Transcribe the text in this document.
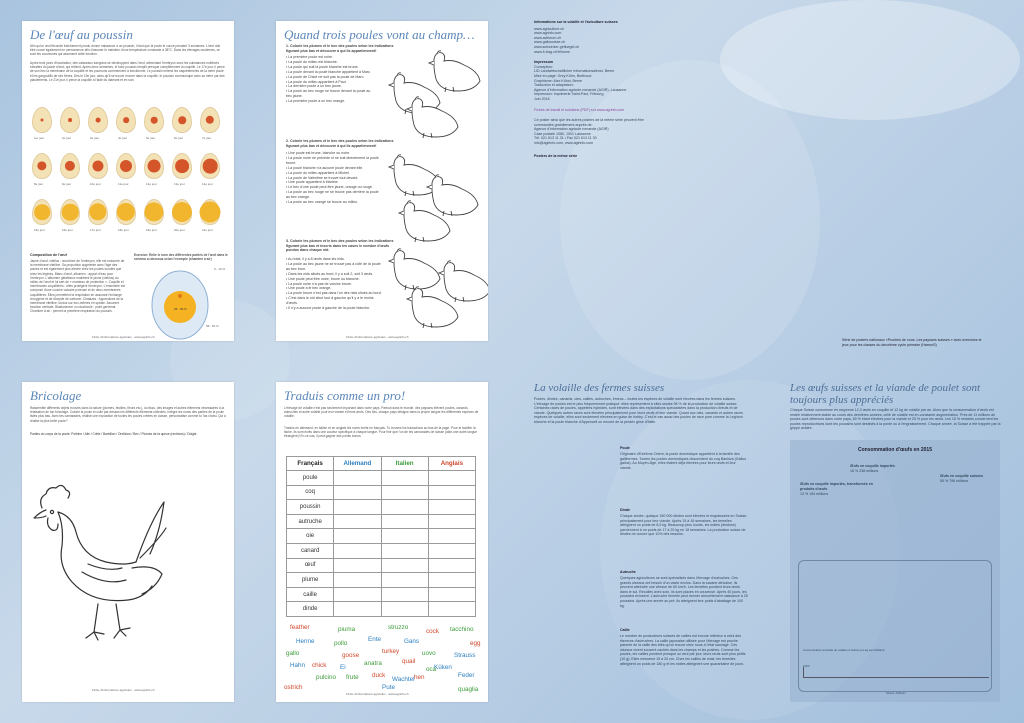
De l'œuf au poussin
Afin qu'un œuf fécondé fraîchement pondu donne naissance à un poussin, il faut que la poule le couve pendant 3 semaines. L'œuf doit être couvé également en permanence afin d'assurer le maintien d'une température constante à 38°C. Dans les élevages modernes, ce sont les couveuses qui assument cette fonction.
Après trois jours d'incubation, des vaisseaux sanguins se développent dans l'œuf, alimentant l'embryon avec les substances nutritives extraites du jaune d'œuf, qui rétrécit. Après deux semaines, le futur poussin remplit presque complètement la coquille. Le 17e jour, il perce de son bec la membrane de la coquille et les poumons commencent à fonctionner. Le poussin entend les caquètements de la mère poule et les gargouillis de ses frères. Dès le 19e jour, alors qu'il se trouve encore dans la coquille, le poussin communique avec sa mère par des piaulements. Le 21e jour, il perce la coquille à l'aide du diamant et en sort.
1er jour	2e jour	3e jour	4e jour	5e jour	6e jour	7e jour
8e jour	9e jour	10e jour	11e jour	12e jour	13e jour	14e jour
15e jour	16e jour	17e jour	18e jour	19e jour	20e jour	21e jour
Composition de l'œuf
Jaune d'œuf, vitellus : nourriture de l'embryon, elle est entourée de la membrane vitelline. Sa proportion augmente avec l'âge des poules et est également plus élevée chez les poules lourdes que chez les légères. Blanc d'œuf, albumen : apport d'eau pour l'embryon. L'albumen gélatineux maintient le jaune (vitellus) au milieu de l'œuf et lui sert de « manteau de protection ». Coquille et membranes coquillières : elles protègent l'embryon. L'ensemble est composé d'une couche calcaire poreuse et de deux membranes coquillières. Elles permettent la respiration en assurant l'échange d'oxygène et de dioxyde de carbone. Chalazes : Appendices de la membrane vitelline, tordus sur eux-mêmes en spirale. Assurent fonction centrale. Blastoderme ou cicatricule : point germinal. Chambre à air : permet la première respiration du poussin.
Exercice: Relie le nom des différentes parties de l'œuf dans le schéma ci-dessous selon l'exemple (chambre à air)
25 - 30 %
58 - 60 %
9 - 10 %
Fiche d'informations agricoles · www.agrinfo.ch
Quand trois poules vont au champ…
1. Colorie les plumes et le bec des poules selon les indications figurant plus bas et découvre à qui ils appartiennent!
• La première poule est noire.
• La poule du milieu est blanche.
• La poule qui suit la poule blanche est brune.
• La poule devant la poule blanche appartient à Marc.
• La poule de Chloé ne suit pas la poule de Marc.
• La poule du milieu appartient à Paul.
• La dernière poule a un bec jaune.
• La poule au bec rouge ne trouve devant la poule au bec jaune.
• La première poule a un bec orange.
2. Colorie les plumes et le bec des poules selon les indications figurant plus bas et découvre à qui ils appartiennent!
• Une poule est brune, blanche ou noire.
• La poule noire ne précède ni ne suit directement la poule brune.
• La poule blanche n'a aucune poule devant elle.
• La poule du milieu appartient à Michel.
• La poule de Valentine se trouve tout devant.
• Une poule appartient à Martine.
• Le bec d'une poule peut être jaune, orange ou rouge.
• La poule au bec rouge ne se trouve pas derrière la poule au bec orange.
• La poule au bec orange se trouve au milieu.
3. Colorie les plumes et le bec des poules selon les indications figurant plus bas et inscris dans les cases le nombre d'œufs pondus dans chaque nid.
• Au total, il y a 8 œufs dans les nids.
• La poule au bec jaune ne se trouve pas à côté de la poule au bec brun.
• Dans les nids situés au bord, il y a soit 2, soit 3 œufs.
• Une poule peut être noire, brune ou blanche.
• La poule noire n'a pas de voisine brune.
• Une poule a le bec orange.
• La poule brune n'est pas dans l'un des nids situés au bord.
• C'est dans le nid situé tout à gauche qu'il y a le moins d'œufs.
• Il n'y a aucune poule à gauche de la poule blanche.
Fiche d'informations agricoles · www.agrinfo.ch
Bricolage
Rassemble différents objets trouvés dans la nature (plumes, feuilles, fleurs etc.), du tissu, des images et autres éléments nécessaires à la réalisation de ton bricolage. Colorie la poule et colle par-dessus les différents éléments collectés. Intègre les noms des parties de la poule listés plus bas. Avec tes camarades, réalise une exposition de toutes les poules créées en classe, personnalise comme tu l'as choisi. Qui a réalisé la plus belle poule?
Parties du corps de la poule: Poitrine / Aile / Crête / Barbillon / Oreillons / Bec / Plumes de la queue (rectrices) / Doigts
Fiche d'informations agricoles · www.agrinfo.ch
Traduis comme un pro!
L'élevage de volaille n'est pas seulement important dans notre pays. Partout dans le monde, des paysans élèvent poules, canards, autruches et autre volaille pour leur viande et leurs œufs. Des fois, chaque pays désigne dans la propre langue les différentes espèces de volaille.
Traduis en allemand, en italien et en anglais les noms écrits en français. Tu trouves les traductions au bas de la page. Pour te faciliter la tâche, ils sont écrits dans une couleur spécifique à chaque langue. Pour finir que l'un de tes camarades de classe (aide-une autre langue étrangère)! En ce cas, il peut gagner des points bonus.
Français	Allemand	Italien	Anglais
poule			
coq			
poussin			
autruche			
oie			
canard			
œuf			
plume			
caille			
dinde			
feather	piuma	struzzo
cock tacchino
Henne	pollo
Ente	Gans	egg
gallo	goose
turkey	uovo	Strauss
Hahn chick Ei
anatra	quail
Küken
oca
pulcino frute duck
Wachtel hen	Feder
ostrich	Pute	quaglia
Fiche d'informations agricoles · www.agrinfo.ch
Informations sur la volaille et l'aviculture suisses
www.agriculture.ch
www.agrinfo.com
www.aviforum.ch
www.gallosuisse.ch
www.schweizer-gefluegel.ch
www.fr-bag.ch/fr/home
Impressum
Conception:
LID Landwirtschaftlicher Informationsdienst, Berne
Mise en page: Grey Kühn, Berthoud
Graphisme: Alex Kühni, Berne
Traduction et adaptation:
Agence d'information agricole romande (AGIR), Lausanne
Impression: Imprimerie Saint-Paul, Fribourg
Juin 2016
Fiches de travail et solutions (PDF) sur www.agrinfo.com
Ce poster ainsi que les autres posters de la même série peuvent être commandés gratuitement auprès de:
Agence d'information agricole romande (AGIR)
Case postale 1080, 1001 Lausanne
Tél. 021 613 11 31 • Fax 021 613 11 30
info@agirinfo.com, www.agirinfo.com
Posters de la même série
Série de posters nationaux «Proches de vous. Les paysans suisses.» avec exercices et jeux pour les classes du deuxième cycle primaire (HarmoS)
La volaille des fermes suisses
Poules, dindes, canards, oies, cailles, autruches, émeus – toutes les espèces de volaille sont élevées dans les fermes suisses. L'élevage de poules est le plus fréquemment pratiqué: elles représentent à elles seules 98 % de la production de volaille suisse. Certaines races de poules, appelées hybrides, sont élevées dans des exploitations spécialisées dans la production d'œufs et de viande. Quelques autres races sont élevées principalement pour leurs œufs et leur viande. Quant aux oies, canards et autres races espèces de volaille, elles sont seulement élevées en guise de hobby. C'est le cas aussi des poules de race pure comme la Leghorn blanche et la poule blanche d'Appenzell ou encore de la perdrix grise d'Italie.
Poule
Originaire d'Extrême-Orient, la poule domestique appartient à la famille des galliformes. Toutes les poules domestiques descendent du coq Bankiva (Gallus gallus). Au Moyen-Âge, elles étaient déjà élevées pour leurs œufs et leur viande.
Dinde
Chaque année, quelque 150 000 dindes sont élevées et engraissées en Suisse, principalement pour leur viande. Après 15 à 16 semaines, les femelles atteignent un poids de 8,5 kg. Beaucoup plus lourds, les mâles (dindons) parviennent à un poids de 17 à 20 kg en 18 semaines. La production suisse de dindes ne couvre que 10% des besoins.
Autruche
Quelques agriculteurs se sont spécialisés dans l'élevage d'autruches. Ces grands oiseaux ont besoin d'un vaste enclos. Dans la savane africaine, ils peuvent atteindre une vitesse de 60 km/h. Les femelles pondent leurs œufs dans le sol. Recollés avec soin, ils sont placés en couveuse. Après 40 jours, les poussins éclosent. L'autruche femelle peut donner annuellement naissance à 25 poussins. Après une année au pré, ils atteignent leur poids d'abattage de 100 kg.
Caille
Le nombre de producteurs suisses de cailles est encore inférieur à celui des éleveurs d'autruches. La caille japonaise utilisée pour l'élevage est proche parente de la caille des blés qu'on trouve chez nous à l'état sauvage. Ces oiseaux vivent souvent cachés dans les champs et les prairies. Comme les poules, les cailles pondent presque un œuf par jour, leurs œufs sont plus petits (10 g). Elles mesurent 15 à 20 cm. Chez les cailles de chair, les femelles atteignent un poids de 180 g et les mâles atteignent une quarantaine de jours.
Les œufs suisses et la viande de poulet sont toujours plus appréciés
Chaque Suisse consomme en moyenne 12,3 œufs en coquille et 12 kg de volaille par an. Alors que la consommation d'œufs est restée relativement stable au cours des dernières années, celle de volaille est en constante augmentation. Près de 11 millions de poules sont détenues dans notre pays, 60 % étant élevées pour la viande et 25 % pour les œufs. Les 15 % restants concernent les poules reproductrices dont les poussins sont destinés à la ponte ou à l'engraissement. Chaque année, la Suisse a été frappée par la grippe aviaire.
Consommation d'œufs en 2015
Œufs en coquille importés
16 % 238 millions
Œufs en coquille suisses
55 % 796 millions
Œufs en coquille importés, transformés en produits d'œufs
13 % 194 millions
Consommation annuelle de volaille en Suisse (en kg par habitant)
100%
Source: Aviforum
